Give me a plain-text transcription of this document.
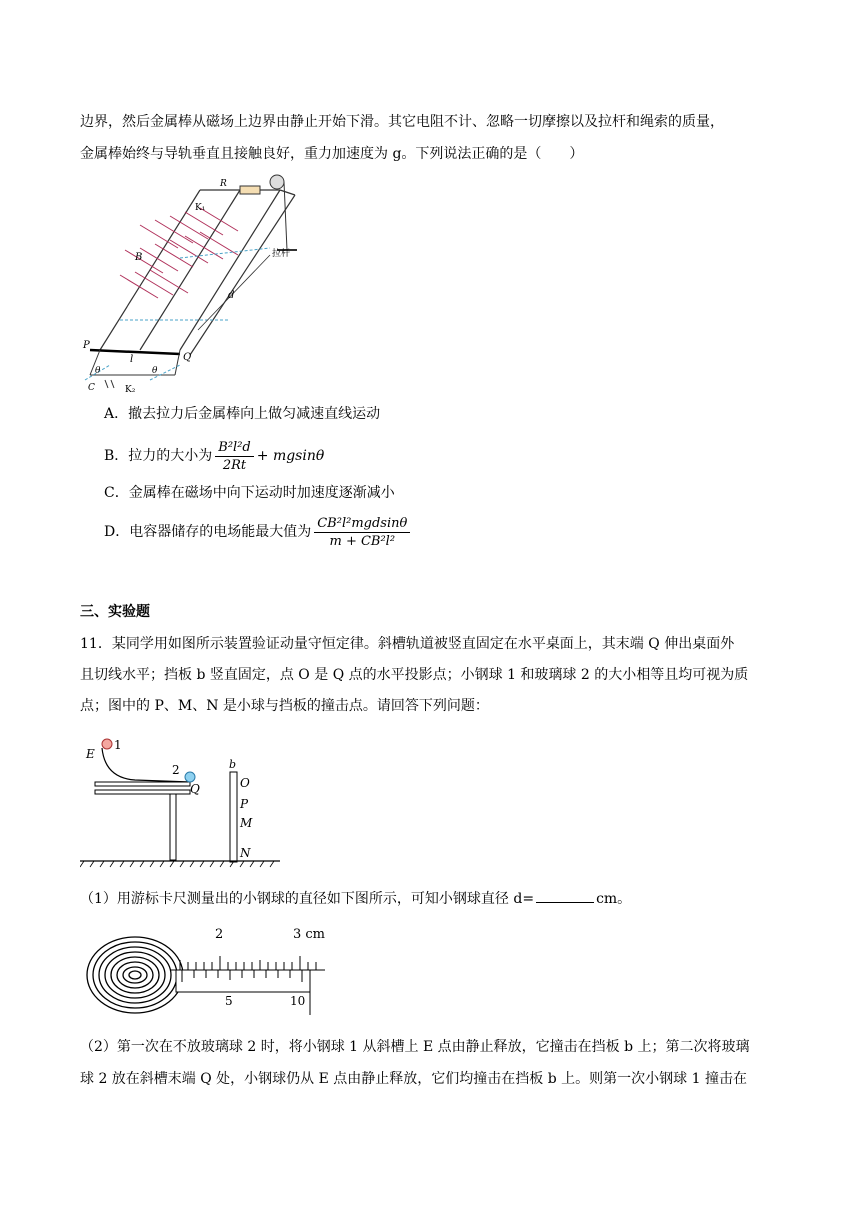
边界，然后金属棒从磁场上边界由静止开始下滑。其它电阻不计、忽略一切摩擦以及拉杆和绳索的质量，
金属棒始终与导轨垂直且接触良好，重力加速度为 g。下列说法正确的是（　　）
R
K₁
B
d
拉杆
P
Q
l
θ	θ
C	K₂
A．撤去拉力后金属棒向上做匀减速直线运动
B．拉力的大小为 $\frac{\text{B²l²d}}{2Rt} + mgsin\theta$
C．金属棒在磁场中向下运动时加速度逐渐减小
D．电容器储存的电场能最大值为 $\frac{\text{CB²l²mgdsinθ}}{\text{m + CB²l²}}$
三、实验题
11．某同学用如图所示装置验证动量守恒定律。斜槽轨道被竖直固定在水平桌面上，其末端 Q 伸出桌面外
且切线水平；挡板 b 竖直固定，点 O 是 Q 点的水平投影点；小钢球 1 和玻璃球 2 的大小相等且均可视为质
点；图中的 P、M、N 是小球与挡板的撞击点。请回答下列问题：
E
1
2
Q
b
O
P
M
N
（1）用游标卡尺测量出的小钢球的直径如下图所示，可知小钢球直径 d=	cm。
2	3 cm
5	10
（2）第一次在不放玻璃球 2 时，将小钢球 1 从斜槽上 E 点由静止释放，它撞击在挡板 b 上；第二次将玻璃
球 2 放在斜槽末端 Q 处，小钢球仍从 E 点由静止释放，它们均撞击在挡板 b 上。则第一次小钢球 1 撞击在
